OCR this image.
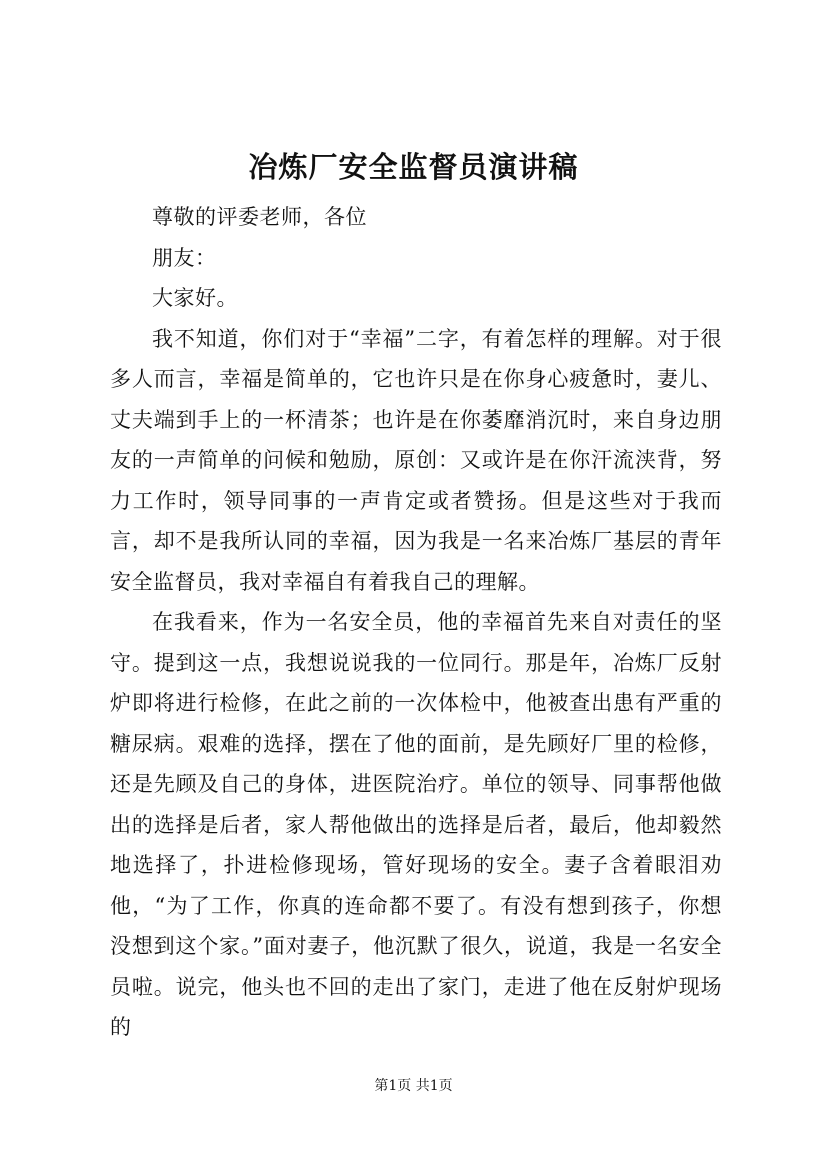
冶炼厂安全监督员演讲稿

尊敬的评委老师，各位

朋友：

大家好。

我不知道，你们对于“幸福”二字，有着怎样的理解。对于很多人而言，幸福是简单的，它也许只是在你身心疲惫时，妻儿、丈夫端到手上的一杯清茶；也许是在你萎靡消沉时，来自身边朋友的一声简单的问候和勉励，原创：又或许是在你汗流浃背，努力工作时，领导同事的一声肯定或者赞扬。但是这些对于我而言，却不是我所认同的幸福，因为我是一名来冶炼厂基层的青年安全监督员，我对幸福自有着我自己的理解。

在我看来，作为一名安全员，他的幸福首先来自对责任的坚守。提到这一点，我想说说我的一位同行。那是年，冶炼厂反射炉即将进行检修，在此之前的一次体检中，他被查出患有严重的糖尿病。艰难的选择，摆在了他的面前，是先顾好厂里的检修，还是先顾及自己的身体，进医院治疗。单位的领导、同事帮他做出的选择是后者，家人帮他做出的选择是后者，最后，他却毅然地选择了，扑进检修现场，管好现场的安全。妻子含着眼泪劝他，“为了工作，你真的连命都不要了。有没有想到孩子，你想没想到这个家。”面对妻子，他沉默了很久，说道，我是一名安全员啦。说完，他头也不回的走出了家门，走进了他在反射炉现场的

第1页 共1页
